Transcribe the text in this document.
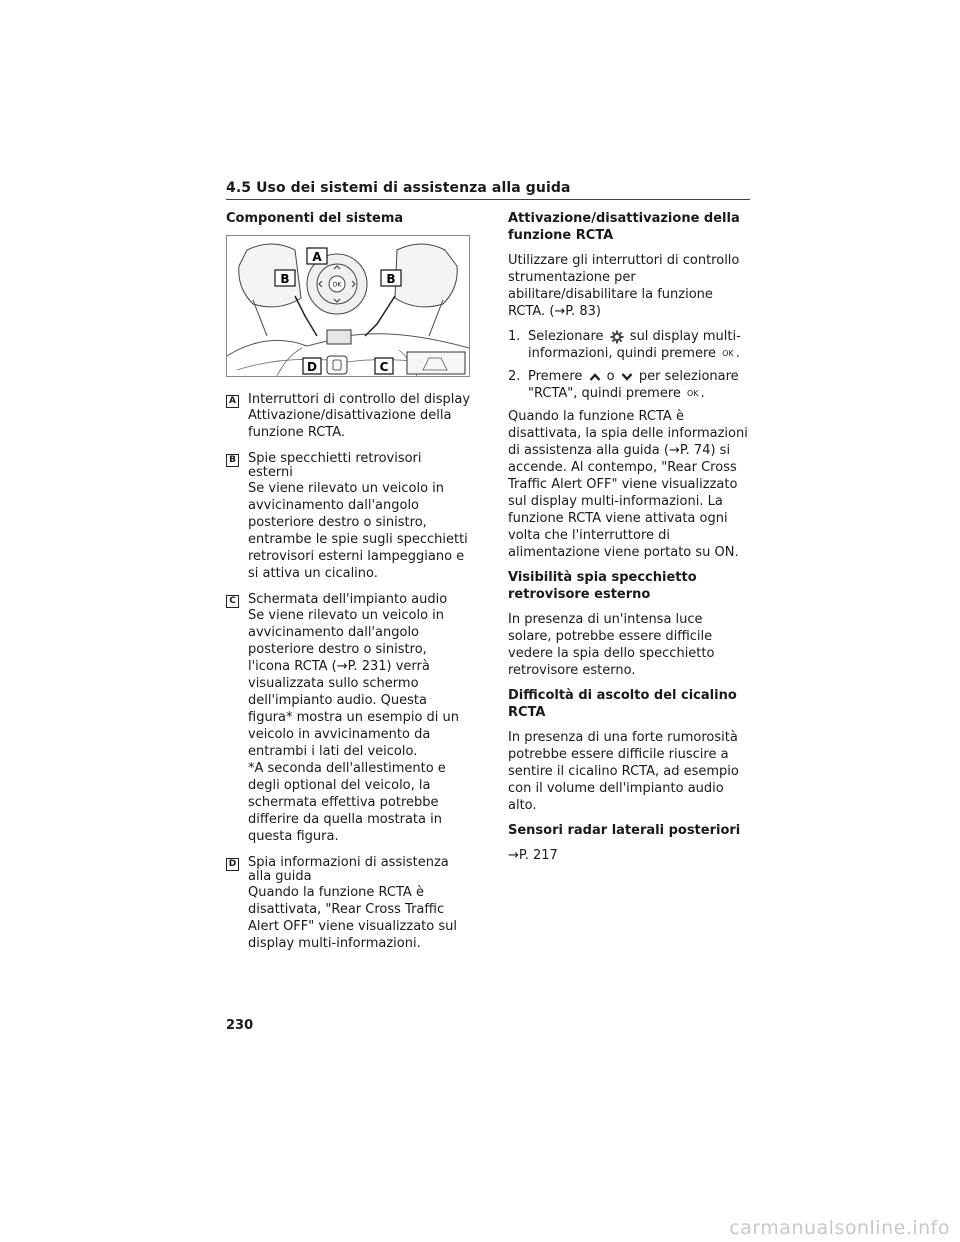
4.5 Uso dei sistemi di assistenza alla guida
Componenti del sistema
OK
A
B	B
C
D
A Interruttori di controllo del display
Attivazione/disattivazione della funzione RCTA.
B Spie specchietti retrovisori esterni
Se viene rilevato un veicolo in avvicinamento dall'angolo posteriore destro o sinistro, entrambe le spie sugli specchietti retrovisori esterni lampeggiano e si attiva un cicalino.
C Schermata dell'impianto audio
Se viene rilevato un veicolo in avvicinamento dall'angolo posteriore destro o sinistro, l'icona RCTA (→P. 231) verrà visualizzata sullo schermo dell'impianto audio. Questa figura* mostra un esempio di un veicolo in avvicinamento da entrambi i lati del veicolo.
*A seconda dell'allestimento e degli optional del veicolo, la schermata effettiva potrebbe differire da quella mostrata in questa figura.
D Spia informazioni di assistenza alla guida
Quando la funzione RCTA è disattivata, "Rear Cross Traffic Alert OFF" viene visualizzato sul display multi-informazioni.
Attivazione/disattivazione della funzione RCTA

Utilizzare gli interruttori di controllo strumentazione per abilitare/disabilitare la funzione RCTA. (→P. 83)

1. Selezionare sul display multi-informazioni, quindi premere OK .

2. Premere o per selezionare "RCTA", quindi premere OK .

Quando la funzione RCTA è disattivata, la spia delle informazioni di assistenza alla guida (→P. 74) si accende. Al contempo, "Rear Cross Traffic Alert OFF" viene visualizzato sul display multi-informazioni. La funzione RCTA viene attivata ogni volta che l'interruttore di alimentazione viene portato su ON.

Visibilità spia specchietto retrovisore esterno

In presenza di un'intensa luce solare, potrebbe essere difficile vedere la spia dello specchietto retrovisore esterno.

Difficoltà di ascolto del cicalino RCTA

In presenza di una forte rumorosità potrebbe essere difficile riuscire a sentire il cicalino RCTA, ad esempio con il volume dell'impianto audio alto.

Sensori radar laterali posteriori

→P. 217

230
carmanualsonline.info
